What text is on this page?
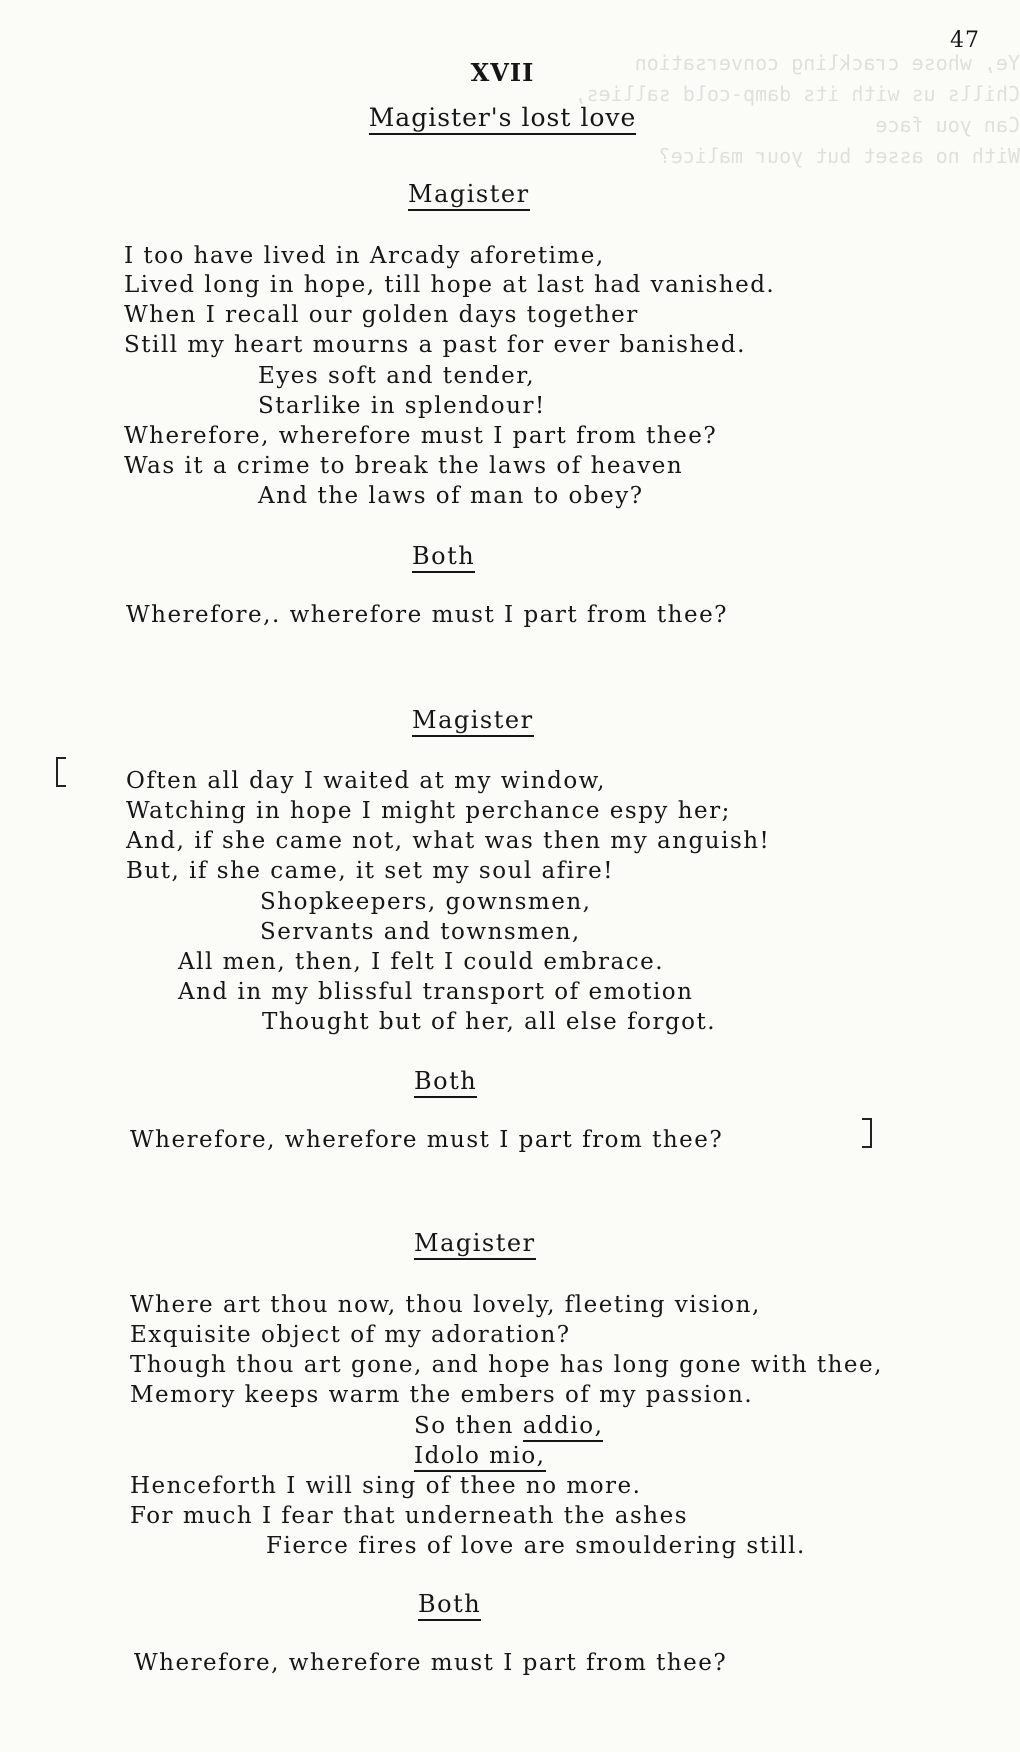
Ye, whose crackling conversation
Chills us with its damp-cold sallies,
Can you face
With no asset but your malice?
47
XVII
Magister's lost love
Magister
I too have lived in Arcady aforetime,
Lived long in hope, till hope at last had vanished.
When I recall our golden days together
Still my heart mourns a past for ever banished.
Eyes soft and tender,
Starlike in splendour!
Wherefore, wherefore must I part from thee?
Was it a crime to break the laws of heaven
And the laws of man to obey?
Both
Wherefore,. wherefore must I part from thee?
Magister
Often all day I waited at my window,
Watching in hope I might perchance espy her;
And, if she came not, what was then my anguish!
But, if she came, it set my soul afire!
Shopkeepers, gownsmen,
Servants and townsmen,
All men, then, I felt I could embrace.
And in my blissful transport of emotion
Thought but of her, all else forgot.
Both
Wherefore, wherefore must I part from thee?
Magister
Where art thou now, thou lovely, fleeting vision,
Exquisite object of my adoration?
Though thou art gone, and hope has long gone with thee,
Memory keeps warm the embers of my passion.
So then addio,
Idolo mio,
Henceforth I will sing of thee no more.
For much I fear that underneath the ashes
Fierce fires of love are smouldering still.
Both
Wherefore, wherefore must I part from thee?
